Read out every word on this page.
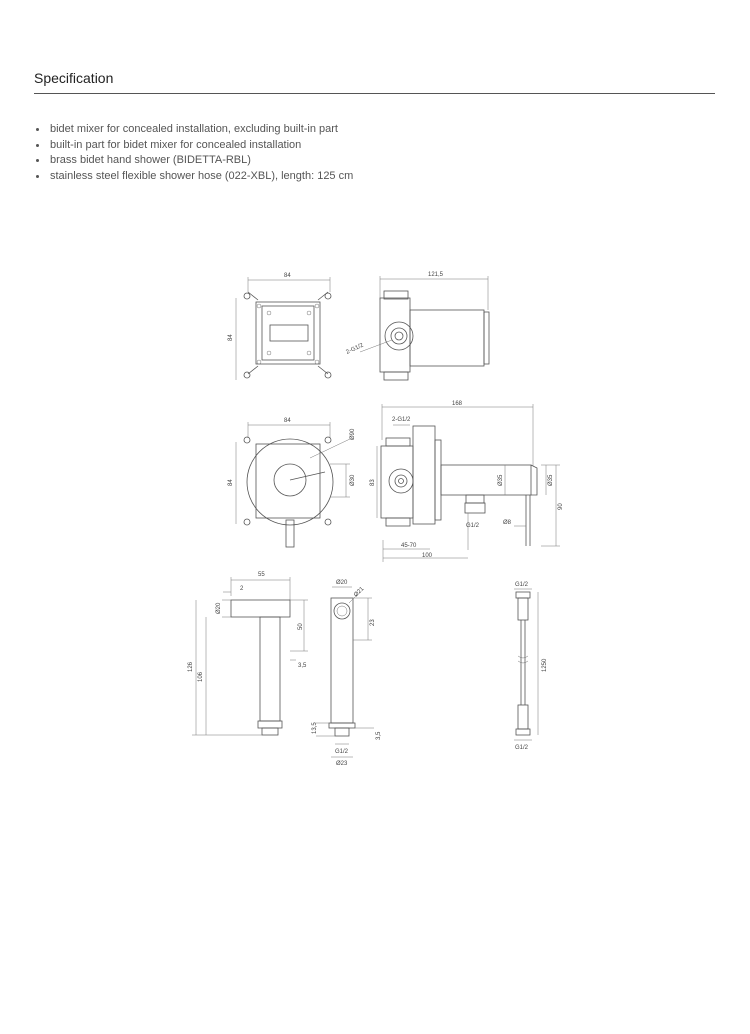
Specification
bidet mixer for concealed installation, excluding built-in part
built-in part for bidet mixer for concealed installation
brass bidet hand shower (BIDETTA-RBL)
stainless steel flexible shower hose (022-XBL), length: 125 cm
84
84
121,5
2-G1/2
84
84
Ø90
Ø30
168
2-G1/2
83	Ø35	Ø35
90
G1/2	Ø8
45-70
100
55
2
Ø20
50
3,5
126
106
Ø20
Ø21
23
13,5
3,5
G1/2
Ø23
G1/2
G1/2
1250
